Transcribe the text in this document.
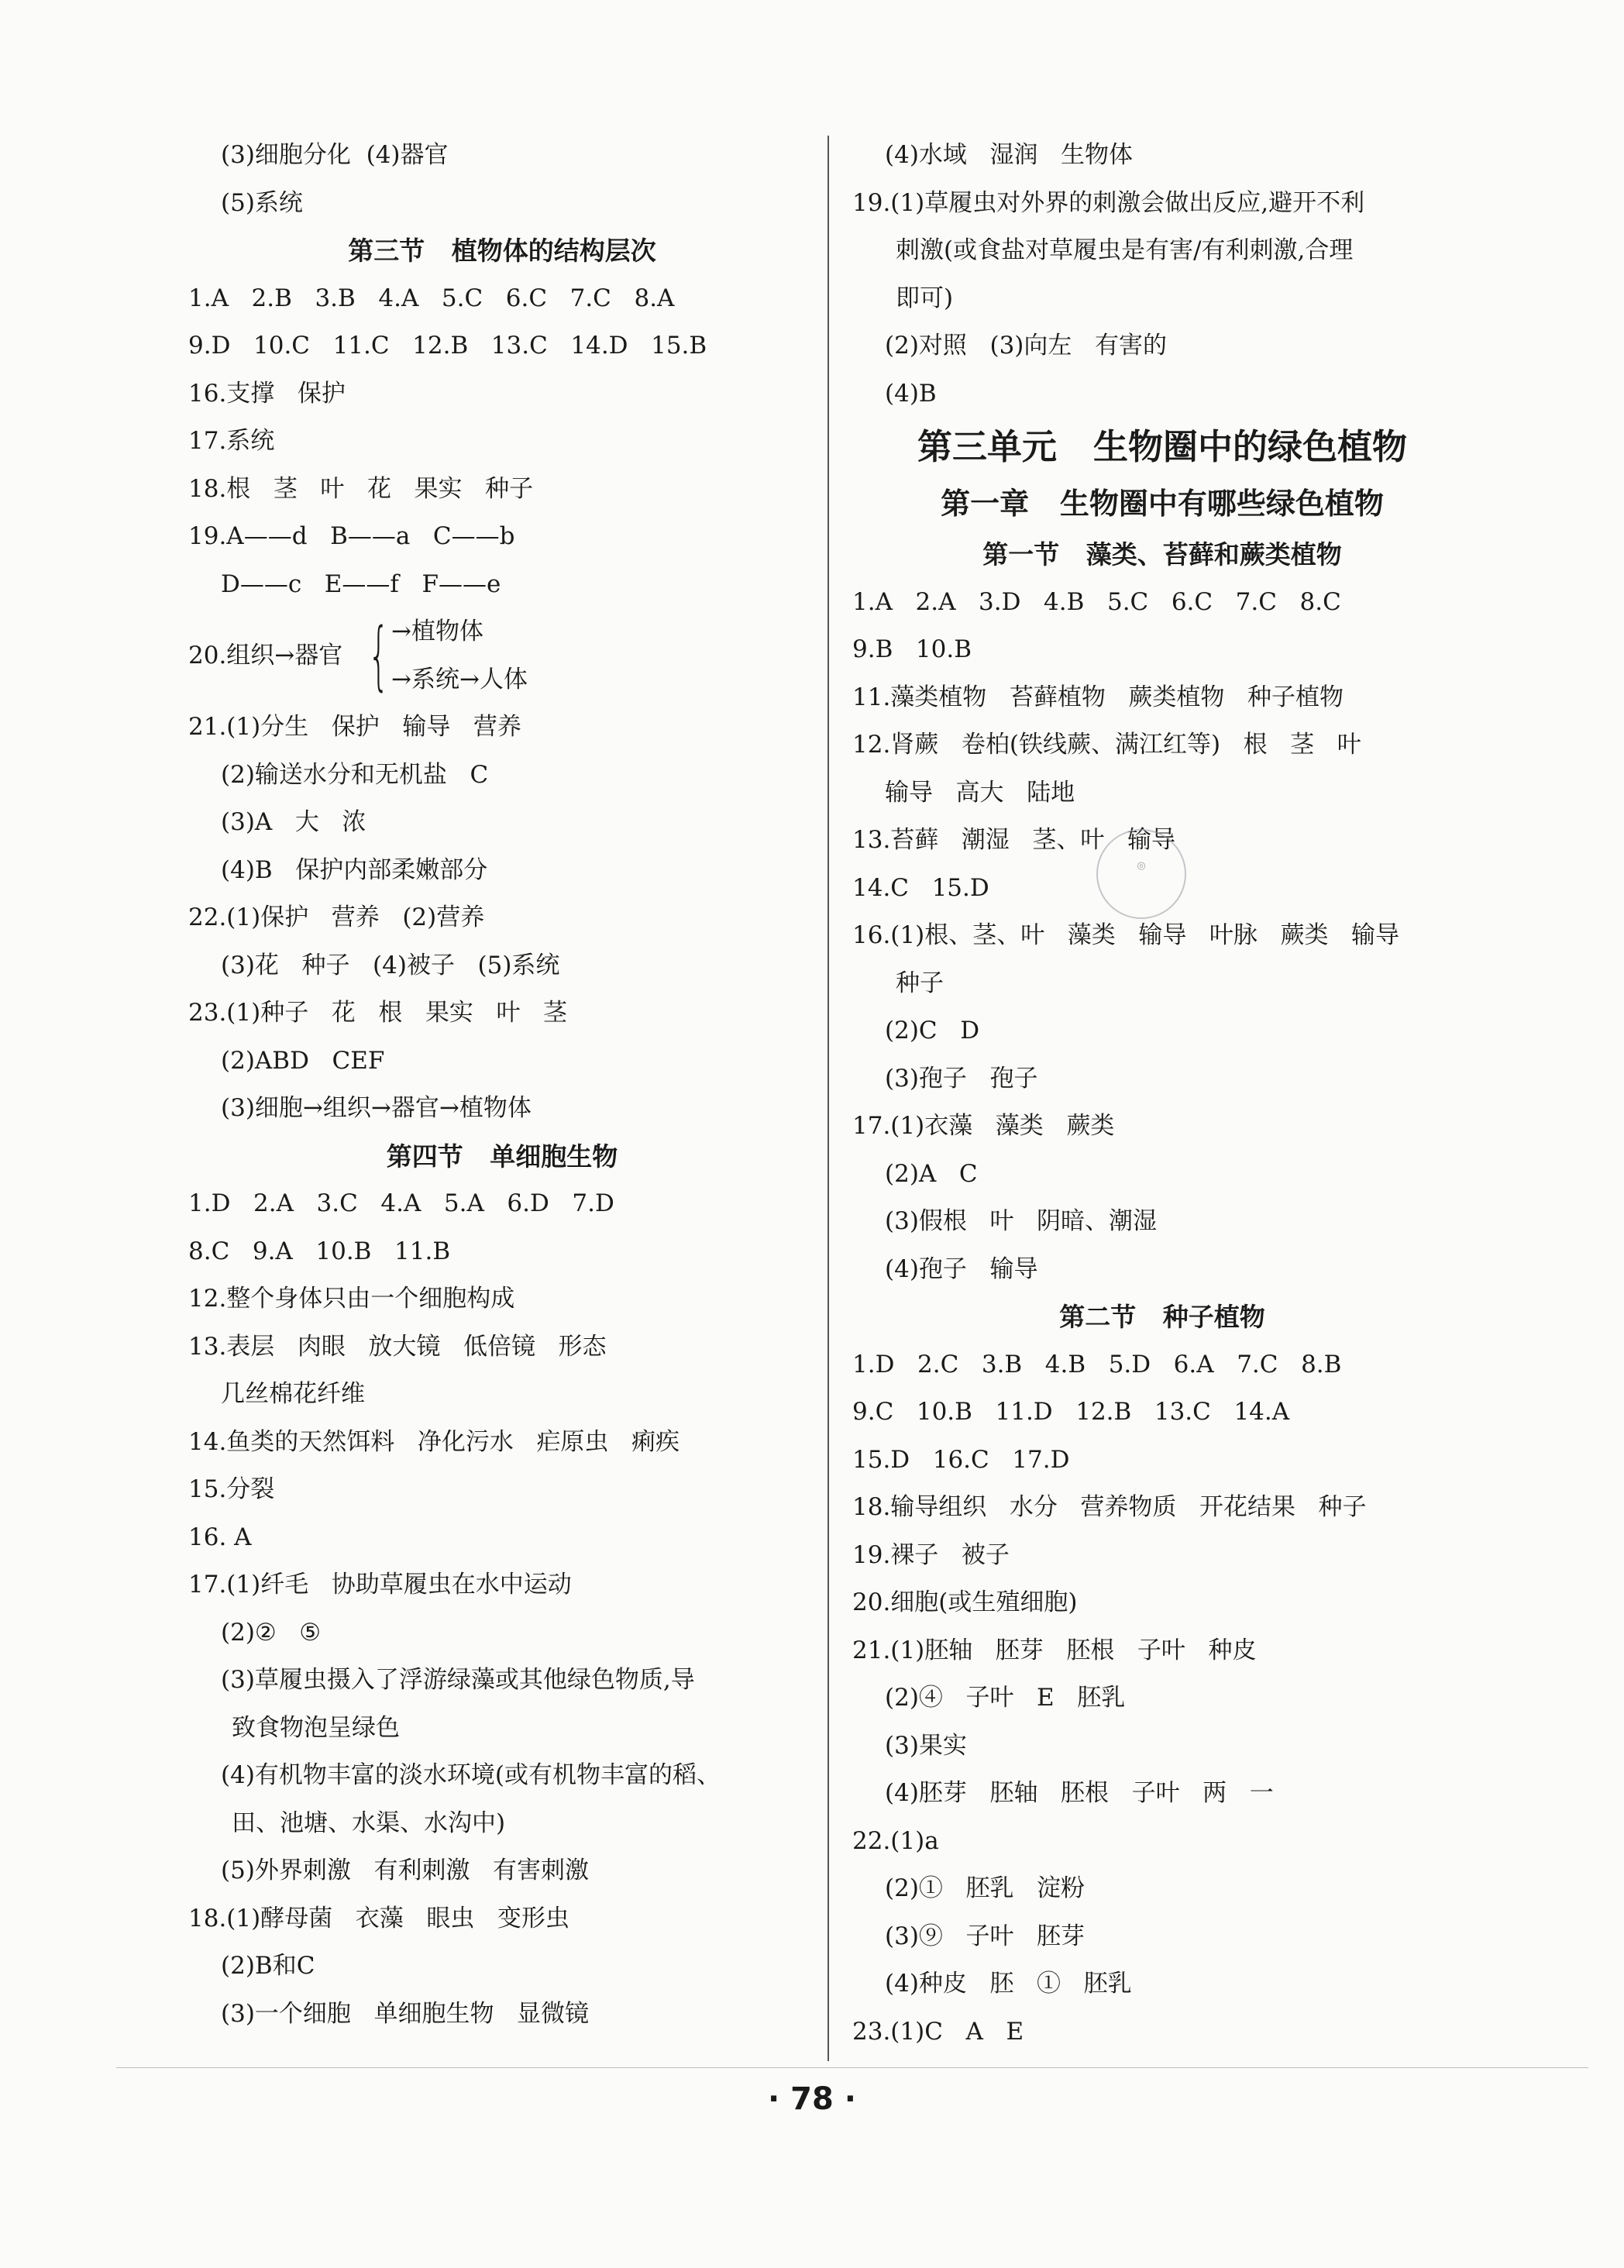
(3)细胞分化  (4)器官
(5)系统
第三节   植物体的结构层次
1.A   2.B   3.B   4.A   5.C   6.C   7.C   8.A
9.D   10.C   11.C   12.B   13.C   14.D   15.B
16.支撑   保护
17.系统
18.根   茎   叶   花   果实   种子
19.A——d   B——a   C——b
D——c   E——f   F——e
20.组织→器官 { →植物体
→系统→人体
21.(1)分生   保护   输导   营养
(2)输送水分和无机盐   C
(3)A   大   浓
(4)B   保护内部柔嫩部分
22.(1)保护   营养   (2)营养
(3)花   种子   (4)被子   (5)系统
23.(1)种子   花   根   果实   叶   茎
(2)ABD   CEF
(3)细胞→组织→器官→植物体
第四节   单细胞生物
1.D   2.A   3.C   4.A   5.A   6.D   7.D
8.C   9.A   10.B   11.B
12.整个身体只由一个细胞构成
13.表层   肉眼   放大镜   低倍镜   形态
几丝棉花纤维
14.鱼类的天然饵料   净化污水   疟原虫   痢疾
15.分裂
16. A
17.(1)纤毛   协助草履虫在水中运动
(2)②   ⑤
(3)草履虫摄入了浮游绿藻或其他绿色物质,导
致食物泡呈绿色
(4)有机物丰富的淡水环境(或有机物丰富的稻、
田、池塘、水渠、水沟中)
(5)外界刺激   有利刺激   有害刺激
18.(1)酵母菌   衣藻   眼虫   变形虫
(2)B和C
(3)一个细胞   单细胞生物   显微镜
(4)水域   湿润   生物体
19.(1)草履虫对外界的刺激会做出反应,避开不利
刺激(或食盐对草履虫是有害/有利刺激,合理
即可)
(2)对照   (3)向左   有害的
(4)B
第三单元   生物圈中的绿色植物
第一章   生物圈中有哪些绿色植物
第一节   藻类、苔藓和蕨类植物
1.A   2.A   3.D   4.B   5.C   6.C   7.C   8.C
9.B   10.B
11.藻类植物   苔藓植物   蕨类植物   种子植物
12.肾蕨   卷柏(铁线蕨、满江红等)   根   茎   叶
输导   高大   陆地
13.苔藓   潮湿   茎、叶   输导
14.C   15.D
16.(1)根、茎、叶   藻类   输导   叶脉   蕨类   输导
种子
(2)C   D
(3)孢子   孢子
17.(1)衣藻   藻类   蕨类
(2)A   C
(3)假根   叶   阴暗、潮湿
(4)孢子   输导
第二节   种子植物
1.D   2.C   3.B   4.B   5.D   6.A   7.C   8.B
9.C   10.B   11.D   12.B   13.C   14.A
15.D   16.C   17.D
18.输导组织   水分   营养物质   开花结果   种子
19.裸子   被子
20.细胞(或生殖细胞)
21.(1)胚轴   胚芽   胚根   子叶   种皮
(2)④   子叶   E   胚乳
(3)果实
(4)胚芽   胚轴   胚根   子叶   两   一
22.(1)a
(2)①   胚乳   淀粉
(3)⑨   子叶   胚芽
(4)种皮   胚   ①   胚乳
23.(1)C   A   E
◎
· 78 ·
